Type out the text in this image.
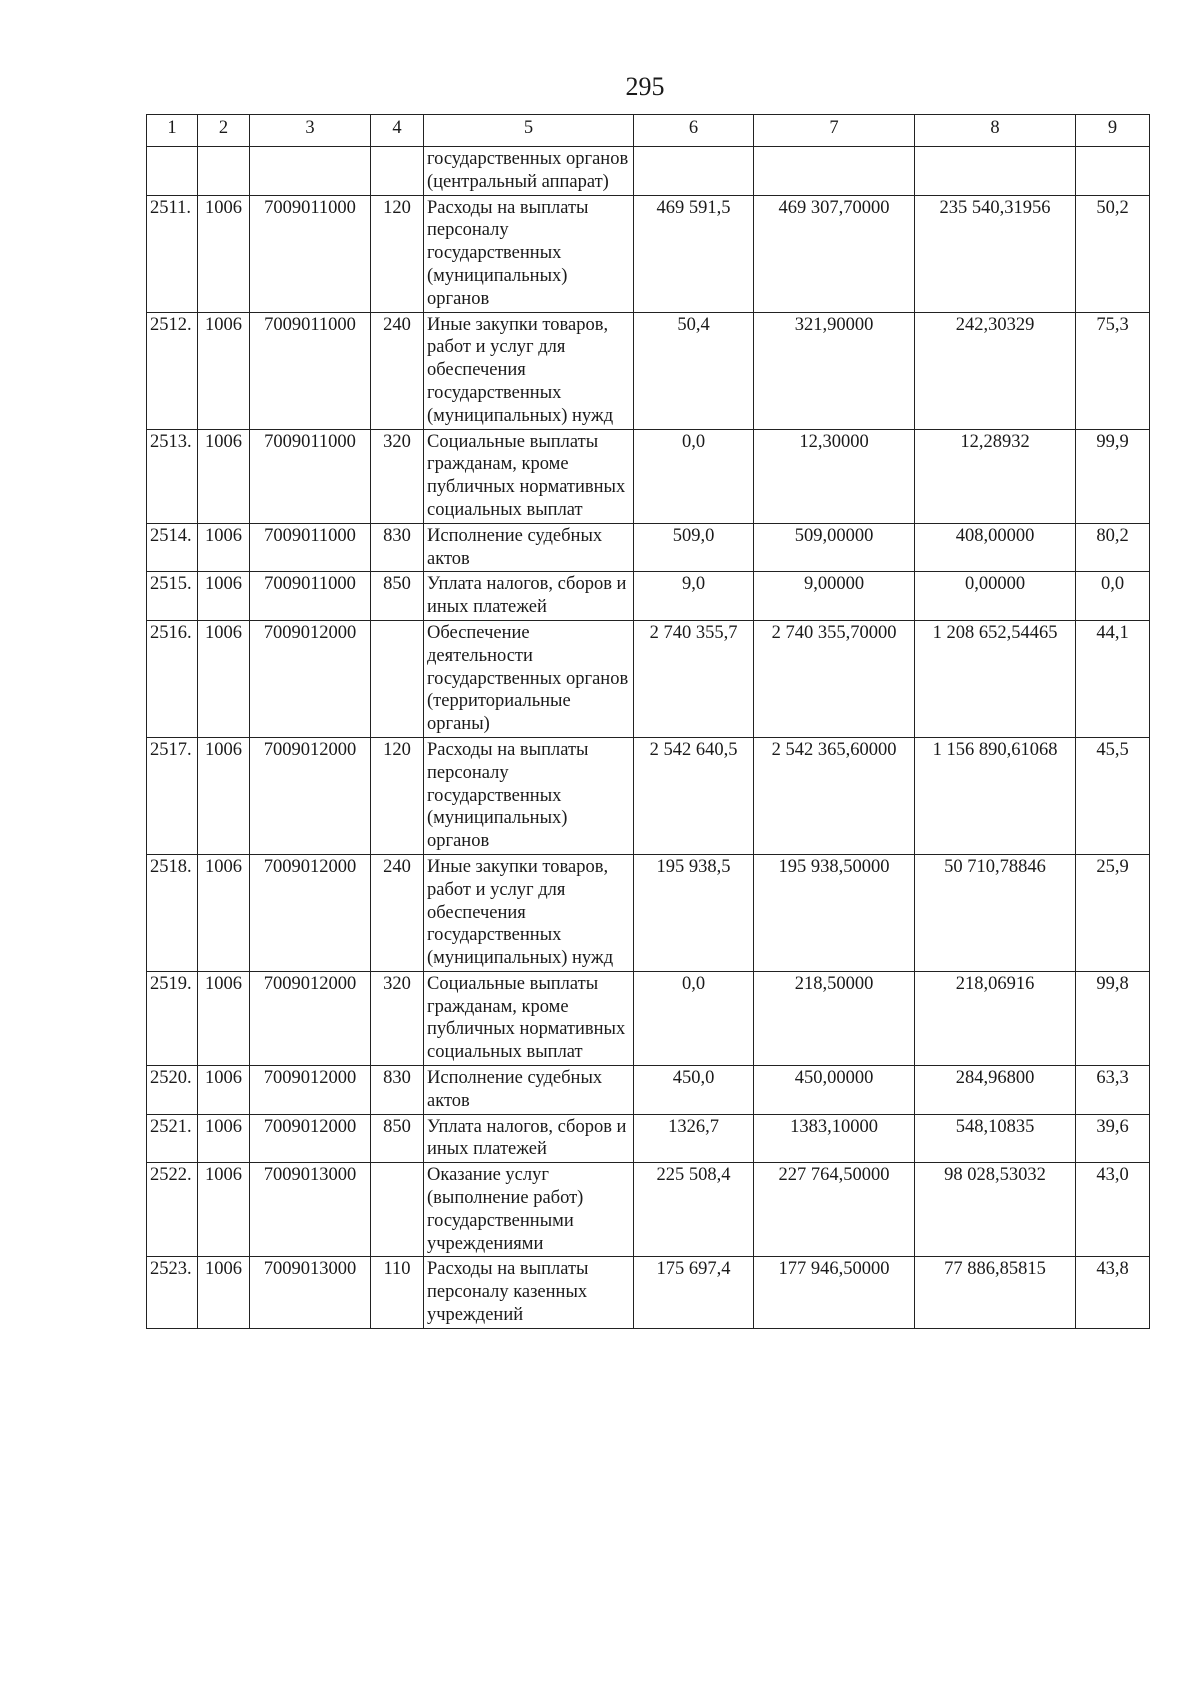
295
1	2	3	4	5	6	7	8	9
				государственных органов (центральный аппарат)				
2511.	1006	7009011000	120	Расходы на выплаты персоналу государственных (муниципальных) органов	469 591,5	469 307,70000	235 540,31956	50,2
2512.	1006	7009011000	240	Иные закупки товаров, работ и услуг для обеспечения государственных (муниципальных) нужд	50,4	321,90000	242,30329	75,3
2513.	1006	7009011000	320	Социальные выплаты гражданам, кроме публичных нормативных социальных выплат	0,0	12,30000	12,28932	99,9
2514.	1006	7009011000	830	Исполнение судебных актов	509,0	509,00000	408,00000	80,2
2515.	1006	7009011000	850	Уплата налогов, сборов и иных платежей	9,0	9,00000	0,00000	0,0
2516.	1006	7009012000		Обеспечение деятельности государственных органов (территориальные органы)	2 740 355,7	2 740 355,70000	1 208 652,54465	44,1
2517.	1006	7009012000	120	Расходы на выплаты персоналу государственных (муниципальных) органов	2 542 640,5	2 542 365,60000	1 156 890,61068	45,5
2518.	1006	7009012000	240	Иные закупки товаров, работ и услуг для обеспечения государственных (муниципальных) нужд	195 938,5	195 938,50000	50 710,78846	25,9
2519.	1006	7009012000	320	Социальные выплаты гражданам, кроме публичных нормативных социальных выплат	0,0	218,50000	218,06916	99,8
2520.	1006	7009012000	830	Исполнение судебных актов	450,0	450,00000	284,96800	63,3
2521.	1006	7009012000	850	Уплата налогов, сборов и иных платежей	1326,7	1383,10000	548,10835	39,6
2522.	1006	7009013000		Оказание услуг (выполнение работ) государственными учреждениями	225 508,4	227 764,50000	98 028,53032	43,0
2523.	1006	7009013000	110	Расходы на выплаты персоналу казенных учреждений	175 697,4	177 946,50000	77 886,85815	43,8
